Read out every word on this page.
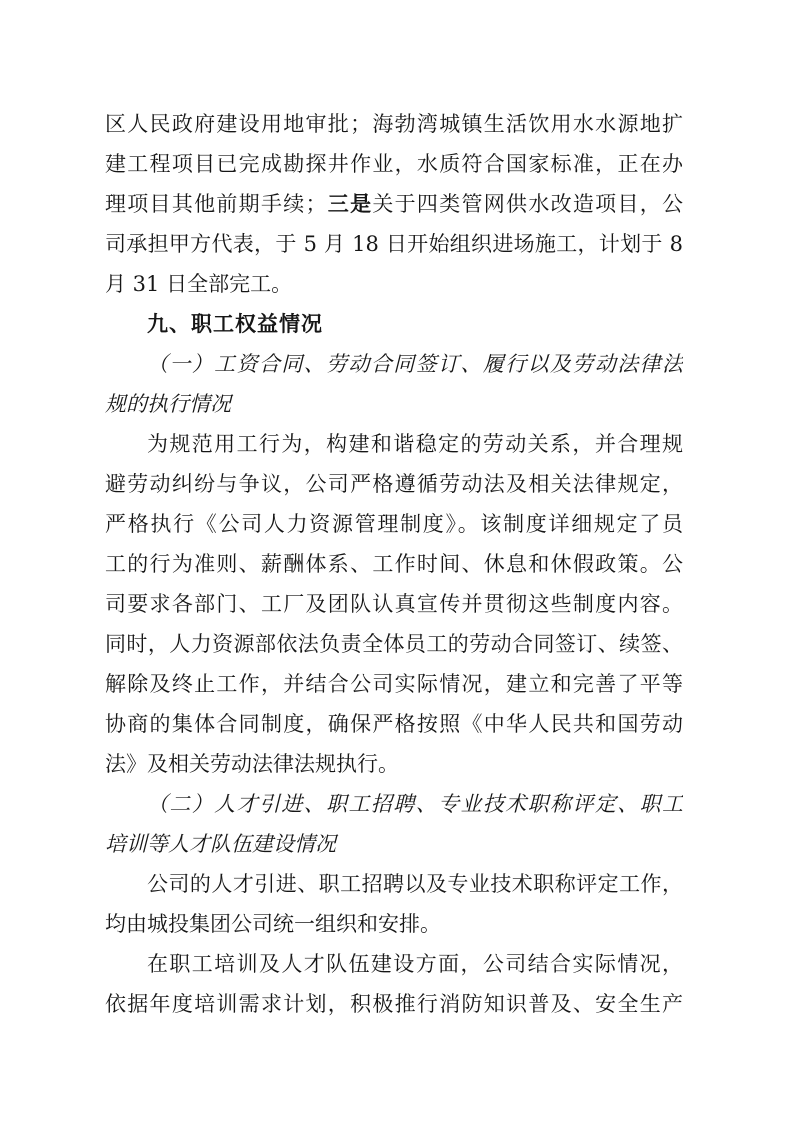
区人民政府建设用地审批；海勃湾城镇生活饮用水水源地扩
建工程项目已完成勘探井作业，水质符合国家标准，正在办
理项目其他前期手续；三是关于四类管网供水改造项目，公
司承担甲方代表，于 5 月 18 日开始组织进场施工，计划于 8
月 31 日全部完工。
九、职工权益情况
（一）工资合同、劳动合同签订、履行以及劳动法律法
规的执行情况
为规范用工行为，构建和谐稳定的劳动关系，并合理规
避劳动纠纷与争议，公司严格遵循劳动法及相关法律规定，
严格执行《公司人力资源管理制度》。该制度详细规定了员
工的行为准则、薪酬体系、工作时间、休息和休假政策。公
司要求各部门、工厂及团队认真宣传并贯彻这些制度内容。
同时，人力资源部依法负责全体员工的劳动合同签订、续签、
解除及终止工作，并结合公司实际情况，建立和完善了平等
协商的集体合同制度，确保严格按照《中华人民共和国劳动
法》及相关劳动法律法规执行。
（二）人才引进、职工招聘、专业技术职称评定、职工
培训等人才队伍建设情况
公司的人才引进、职工招聘以及专业技术职称评定工作，
均由城投集团公司统一组织和安排。
在职工培训及人才队伍建设方面，公司结合实际情况，
依据年度培训需求计划，积极推行消防知识普及、安全生产
